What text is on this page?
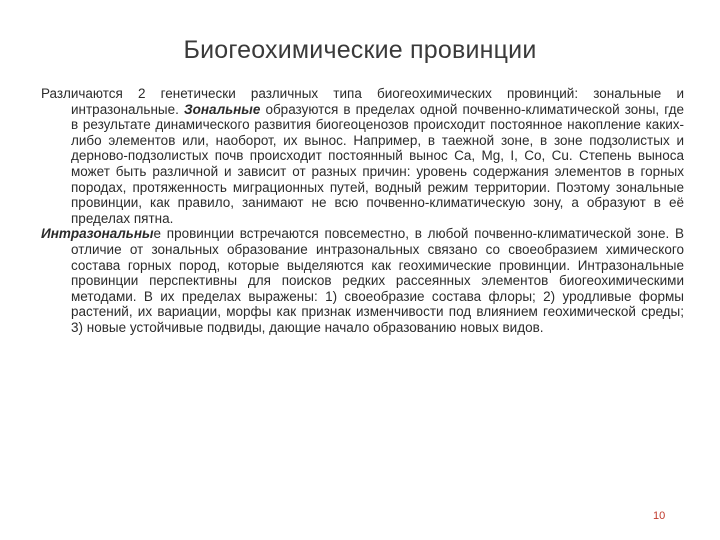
Биогеохимические провинции

Различаются 2 генетически различных типа биогеохимических провинций: зональные и интразональные. Зональные образуются в пределах одной почвенно-климатической зоны, где в результате динамического развития биогеоценозов происходит постоянное накопление каких-либо элементов или, наоборот, их вынос. Например, в таежной зоне, в зоне подзолистых и дерново-подзолистых почв происходит постоянный вынос Ca, Mg, I, Co, Cu. Степень выноса может быть различной и зависит от разных причин: уровень содержания элементов в горных породах, протяженность миграционных путей, водный режим территории. Поэтому зональные провинции, как правило, занимают не всю почвенно-климатическую зону, а образуют в её пределах пятна.

Интразональные провинции встречаются повсеместно, в любой почвенно-климатической зоне. В отличие от зональных образование интразональных связано со своеобразием химического состава горных пород, которые выделяются как геохимические провинции. Интразональные провинции перспективны для поисков редких рассеянных элементов биогеохимическими методами. В их пределах выражены: 1) своеобразие состава флоры; 2) уродливые формы растений, их вариации, морфы как признак изменчивости под влиянием геохимической среды; 3) новые устойчивые подвиды, дающие начало образованию новых видов.

10
